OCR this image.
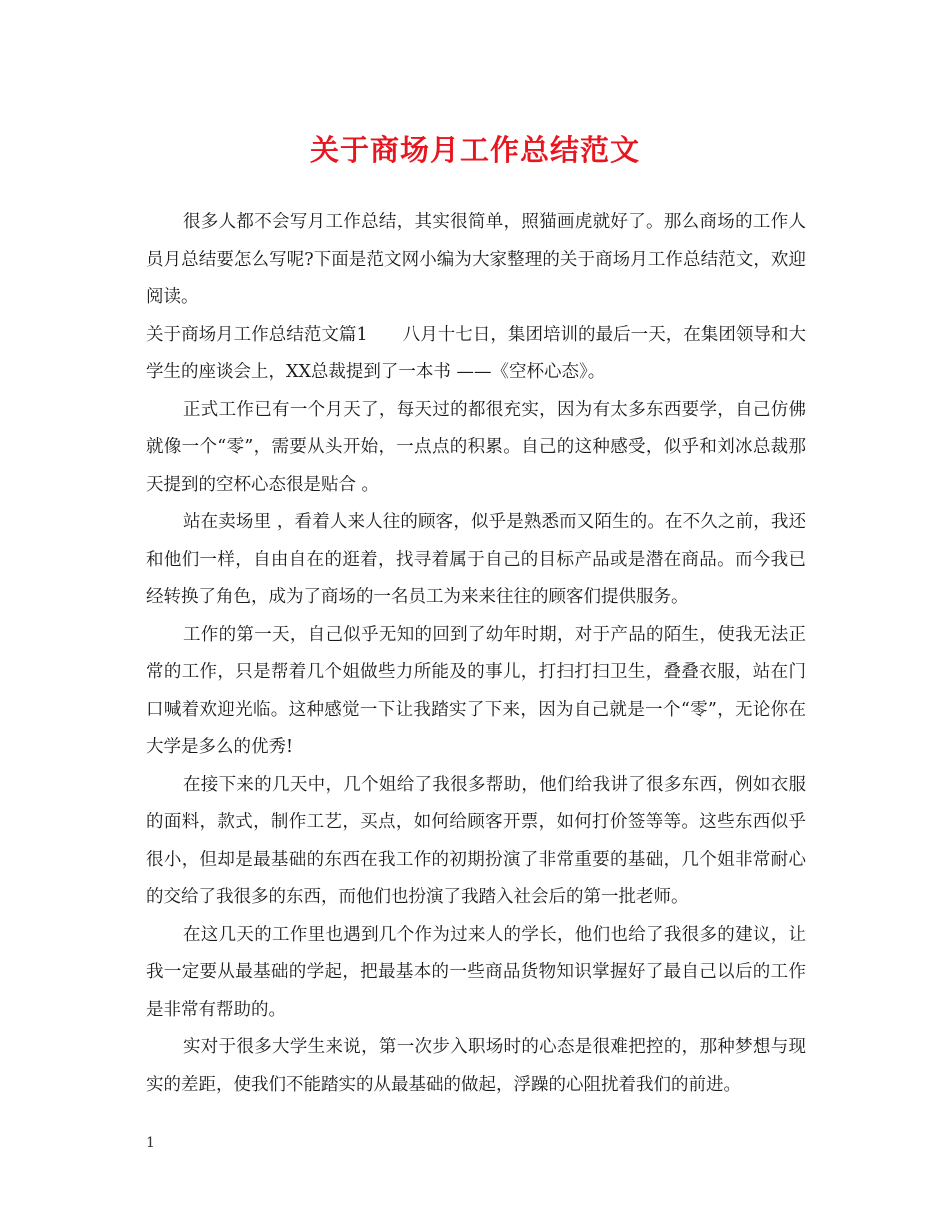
关于商场月工作总结范文

很多人都不会写月工作总结，其实很简单，照猫画虎就好了。那么商场的工作人员月总结要怎么写呢?下面是范文网小编为大家整理的关于商场月工作总结范文，欢迎阅读。

关于商场月工作总结范文篇1　　八月十七日，集团培训的最后一天，在集团领导和大学生的座谈会上，XX总裁提到了一本书 ——《空杯心态》。

正式工作已有一个月天了，每天过的都很充实，因为有太多东西要学，自己仿佛就像一个“零”，需要从头开始，一点点的积累。自己的这种感受，似乎和刘冰总裁那天提到的空杯心态很是贴合 。

站在卖场里 ，看着人来人往的顾客，似乎是熟悉而又陌生的。在不久之前，我还和他们一样，自由自在的逛着，找寻着属于自己的目标产品或是潜在商品。而今我已经转换了角色，成为了商场的一名员工为来来往往的顾客们提供服务。

工作的第一天，自己似乎无知的回到了幼年时期，对于产品的陌生，使我无法正常的工作，只是帮着几个姐做些力所能及的事儿，打扫打扫卫生，叠叠衣服，站在门口喊着欢迎光临。这种感觉一下让我踏实了下来，因为自己就是一个“零”，无论你在大学是多么的优秀!

在接下来的几天中，几个姐给了我很多帮助，他们给我讲了很多东西，例如衣服的面料，款式，制作工艺，买点，如何给顾客开票，如何打价签等等。这些东西似乎很小，但却是最基础的东西在我工作的初期扮演了非常重要的基础，几个姐非常耐心的交给了我很多的东西，而他们也扮演了我踏入社会后的第一批老师。

在这几天的工作里也遇到几个作为过来人的学长，他们也给了我很多的建议，让我一定要从最基础的学起，把最基本的一些商品货物知识掌握好了最自己以后的工作是非常有帮助的。

实对于很多大学生来说，第一次步入职场时的心态是很难把控的，那种梦想与现实的差距，使我们不能踏实的从最基础的做起，浮躁的心阻扰着我们的前进。

1
